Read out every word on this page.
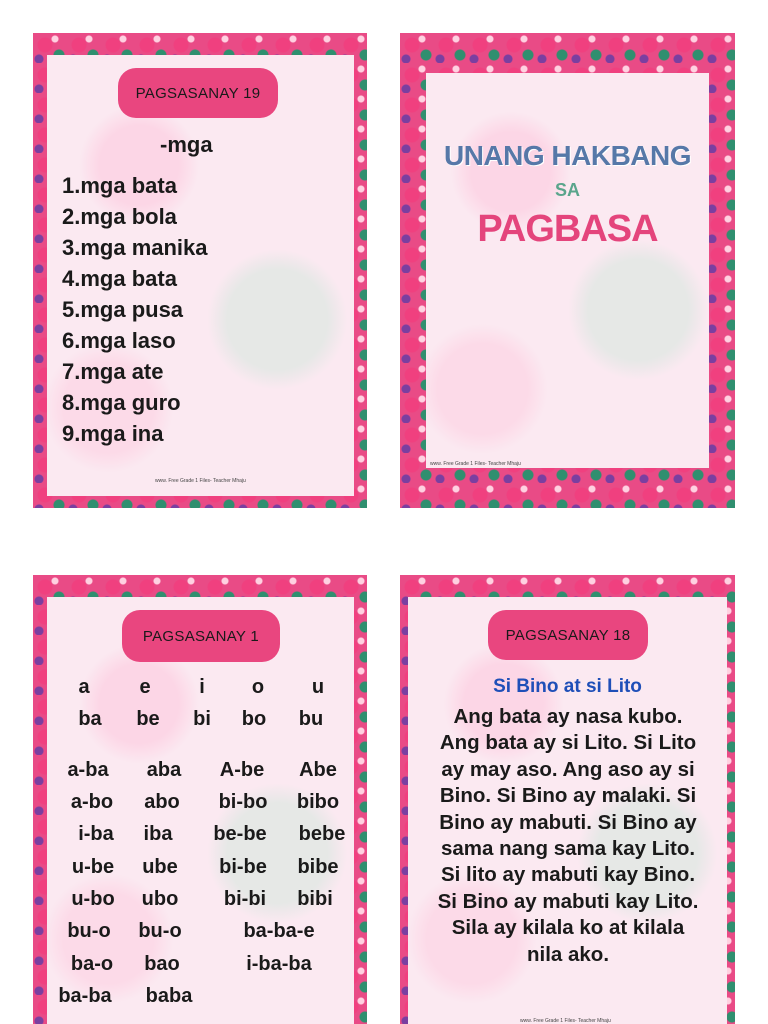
PAGSASANAY 19
-mga
1.mga bata
2.mga bola
3.mga manika
4.mga bata
5.mga pusa
6.mga laso
7.mga ate
8.mga guro
9.mga ina
www. Free Grade 1 Files- Teacher Mhaju
UNANG HAKBANG
SA
PAGBASA
www. Free Grade 1 Files- Teacher Mhaju
PAGSASANAY 1
a	e	i	o	u
ba	be	bi	bo	bu
a-ba	aba	A-be	Abe
a-bo	abo	bi-bo	bibo
i-ba	iba	be-be	bebe
u-be	ube	bi-be	bibe
u-bo	ubo	bi-bi	bibi
bu-o	bu-o	ba-ba-e
ba-o	bao	i-ba-ba
ba-ba	baba
PAGSASANAY 18
Si Bino at si Lito
Ang bata ay nasa kubo.
Ang bata ay si Lito. Si Lito
ay may aso. Ang aso ay si
Bino. Si Bino ay malaki. Si
Bino ay mabuti. Si Bino ay
sama nang sama kay Lito.
Si lito ay mabuti kay Bino.
Si Bino ay mabuti kay Lito.
Sila ay kilala ko at kilala
nila ako.
www. Free Grade 1 Files- Teacher Mhaju
